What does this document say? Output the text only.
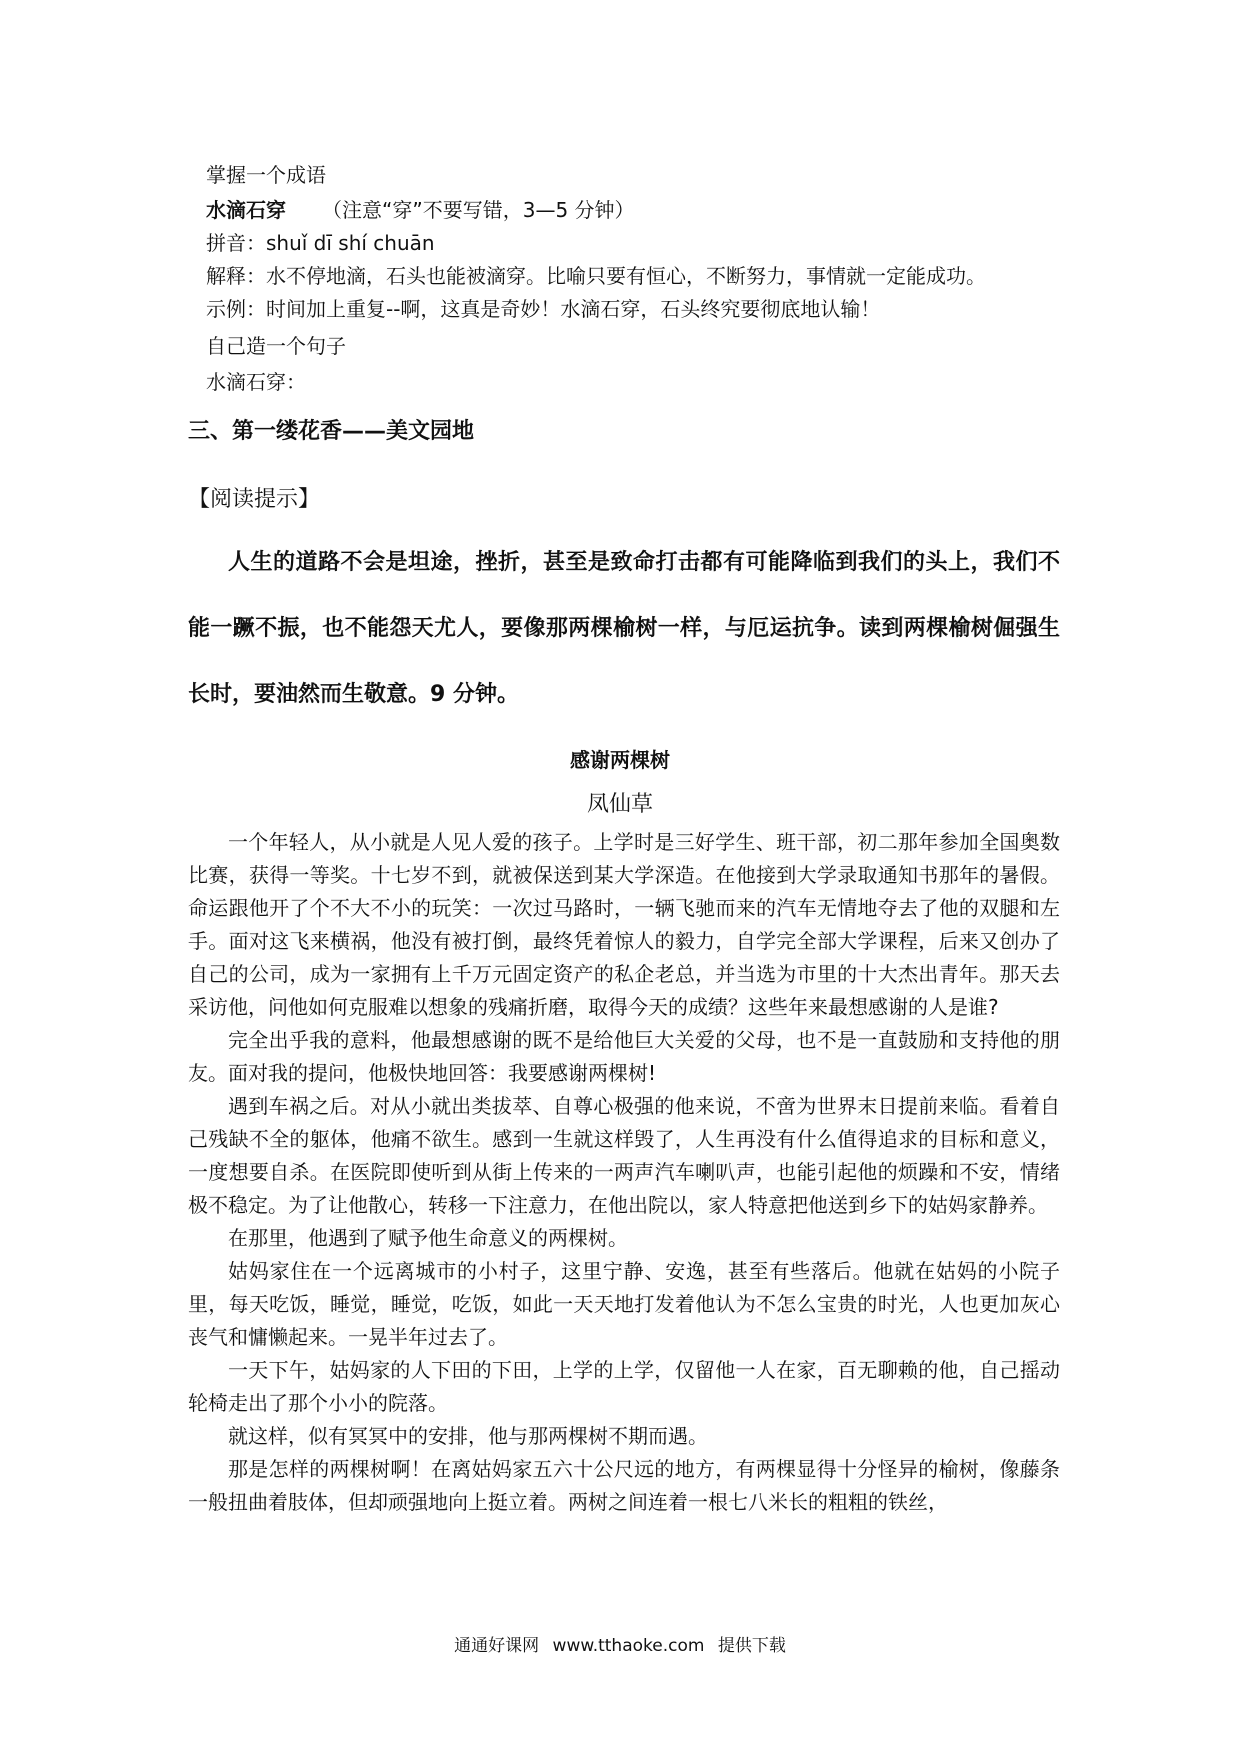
掌握一个成语
水滴石穿 （注意“穿”不要写错，3—5 分钟）
拼音：shuǐ dī shí chuān
解释：水不停地滴，石头也能被滴穿。比喻只要有恒心，不断努力，事情就一定能成功。
示例：时间加上重复--啊，这真是奇妙！水滴石穿，石头终究要彻底地认输！
自己造一个句子
水滴石穿：
三、第一缕花香——美文园地
【阅读提示】

人生的道路不会是坦途，挫折，甚至是致命打击都有可能降临到我们的头上，我们不能一蹶不振，也不能怨天尤人，要像那两棵榆树一样，与厄运抗争。读到两棵榆树倔强生长时，要油然而生敬意。9 分钟。

感谢两棵树
凤仙草

一个年轻人，从小就是人见人爱的孩子。上学时是三好学生、班干部，初二那年参加全国奥数比赛，获得一等奖。十七岁不到，就被保送到某大学深造。在他接到大学录取通知书那年的暑假。命运跟他开了个不大不小的玩笑：一次过马路时，一辆飞驰而来的汽车无情地夺去了他的双腿和左手。面对这飞来横祸，他没有被打倒，最终凭着惊人的毅力，自学完全部大学课程，后来又创办了自己的公司，成为一家拥有上千万元固定资产的私企老总，并当选为市里的十大杰出青年。那天去采访他，问他如何克服难以想象的残痛折磨，取得今天的成绩？这些年来最想感谢的人是谁?

完全出乎我的意料，他最想感谢的既不是给他巨大关爱的父母，也不是一直鼓励和支持他的朋友。面对我的提问，他极快地回答：我要感谢两棵树!

遇到车祸之后。对从小就出类拔萃、自尊心极强的他来说，不啻为世界末日提前来临。看着自己残缺不全的躯体，他痛不欲生。感到一生就这样毁了，人生再没有什么值得追求的目标和意义，一度想要自杀。在医院即使听到从街上传来的一两声汽车喇叭声，也能引起他的烦躁和不安，情绪极不稳定。为了让他散心，转移一下注意力，在他出院以，家人特意把他送到乡下的姑妈家静养。

在那里，他遇到了赋予他生命意义的两棵树。

姑妈家住在一个远离城市的小村子，这里宁静、安逸，甚至有些落后。他就在姑妈的小院子里，每天吃饭，睡觉，睡觉，吃饭，如此一天天地打发着他认为不怎么宝贵的时光，人也更加灰心丧气和慵懒起来。一晃半年过去了。

一天下午，姑妈家的人下田的下田，上学的上学，仅留他一人在家，百无聊赖的他，自己摇动轮椅走出了那个小小的院落。

就这样，似有冥冥中的安排，他与那两棵树不期而遇。

那是怎样的两棵树啊！在离姑妈家五六十公尺远的地方，有两棵显得十分怪异的榆树，像藤条一般扭曲着肢体，但却顽强地向上挺立着。两树之间连着一根七八米长的粗粗的铁丝，

通通好课网 www.tthaoke.com 提供下载
